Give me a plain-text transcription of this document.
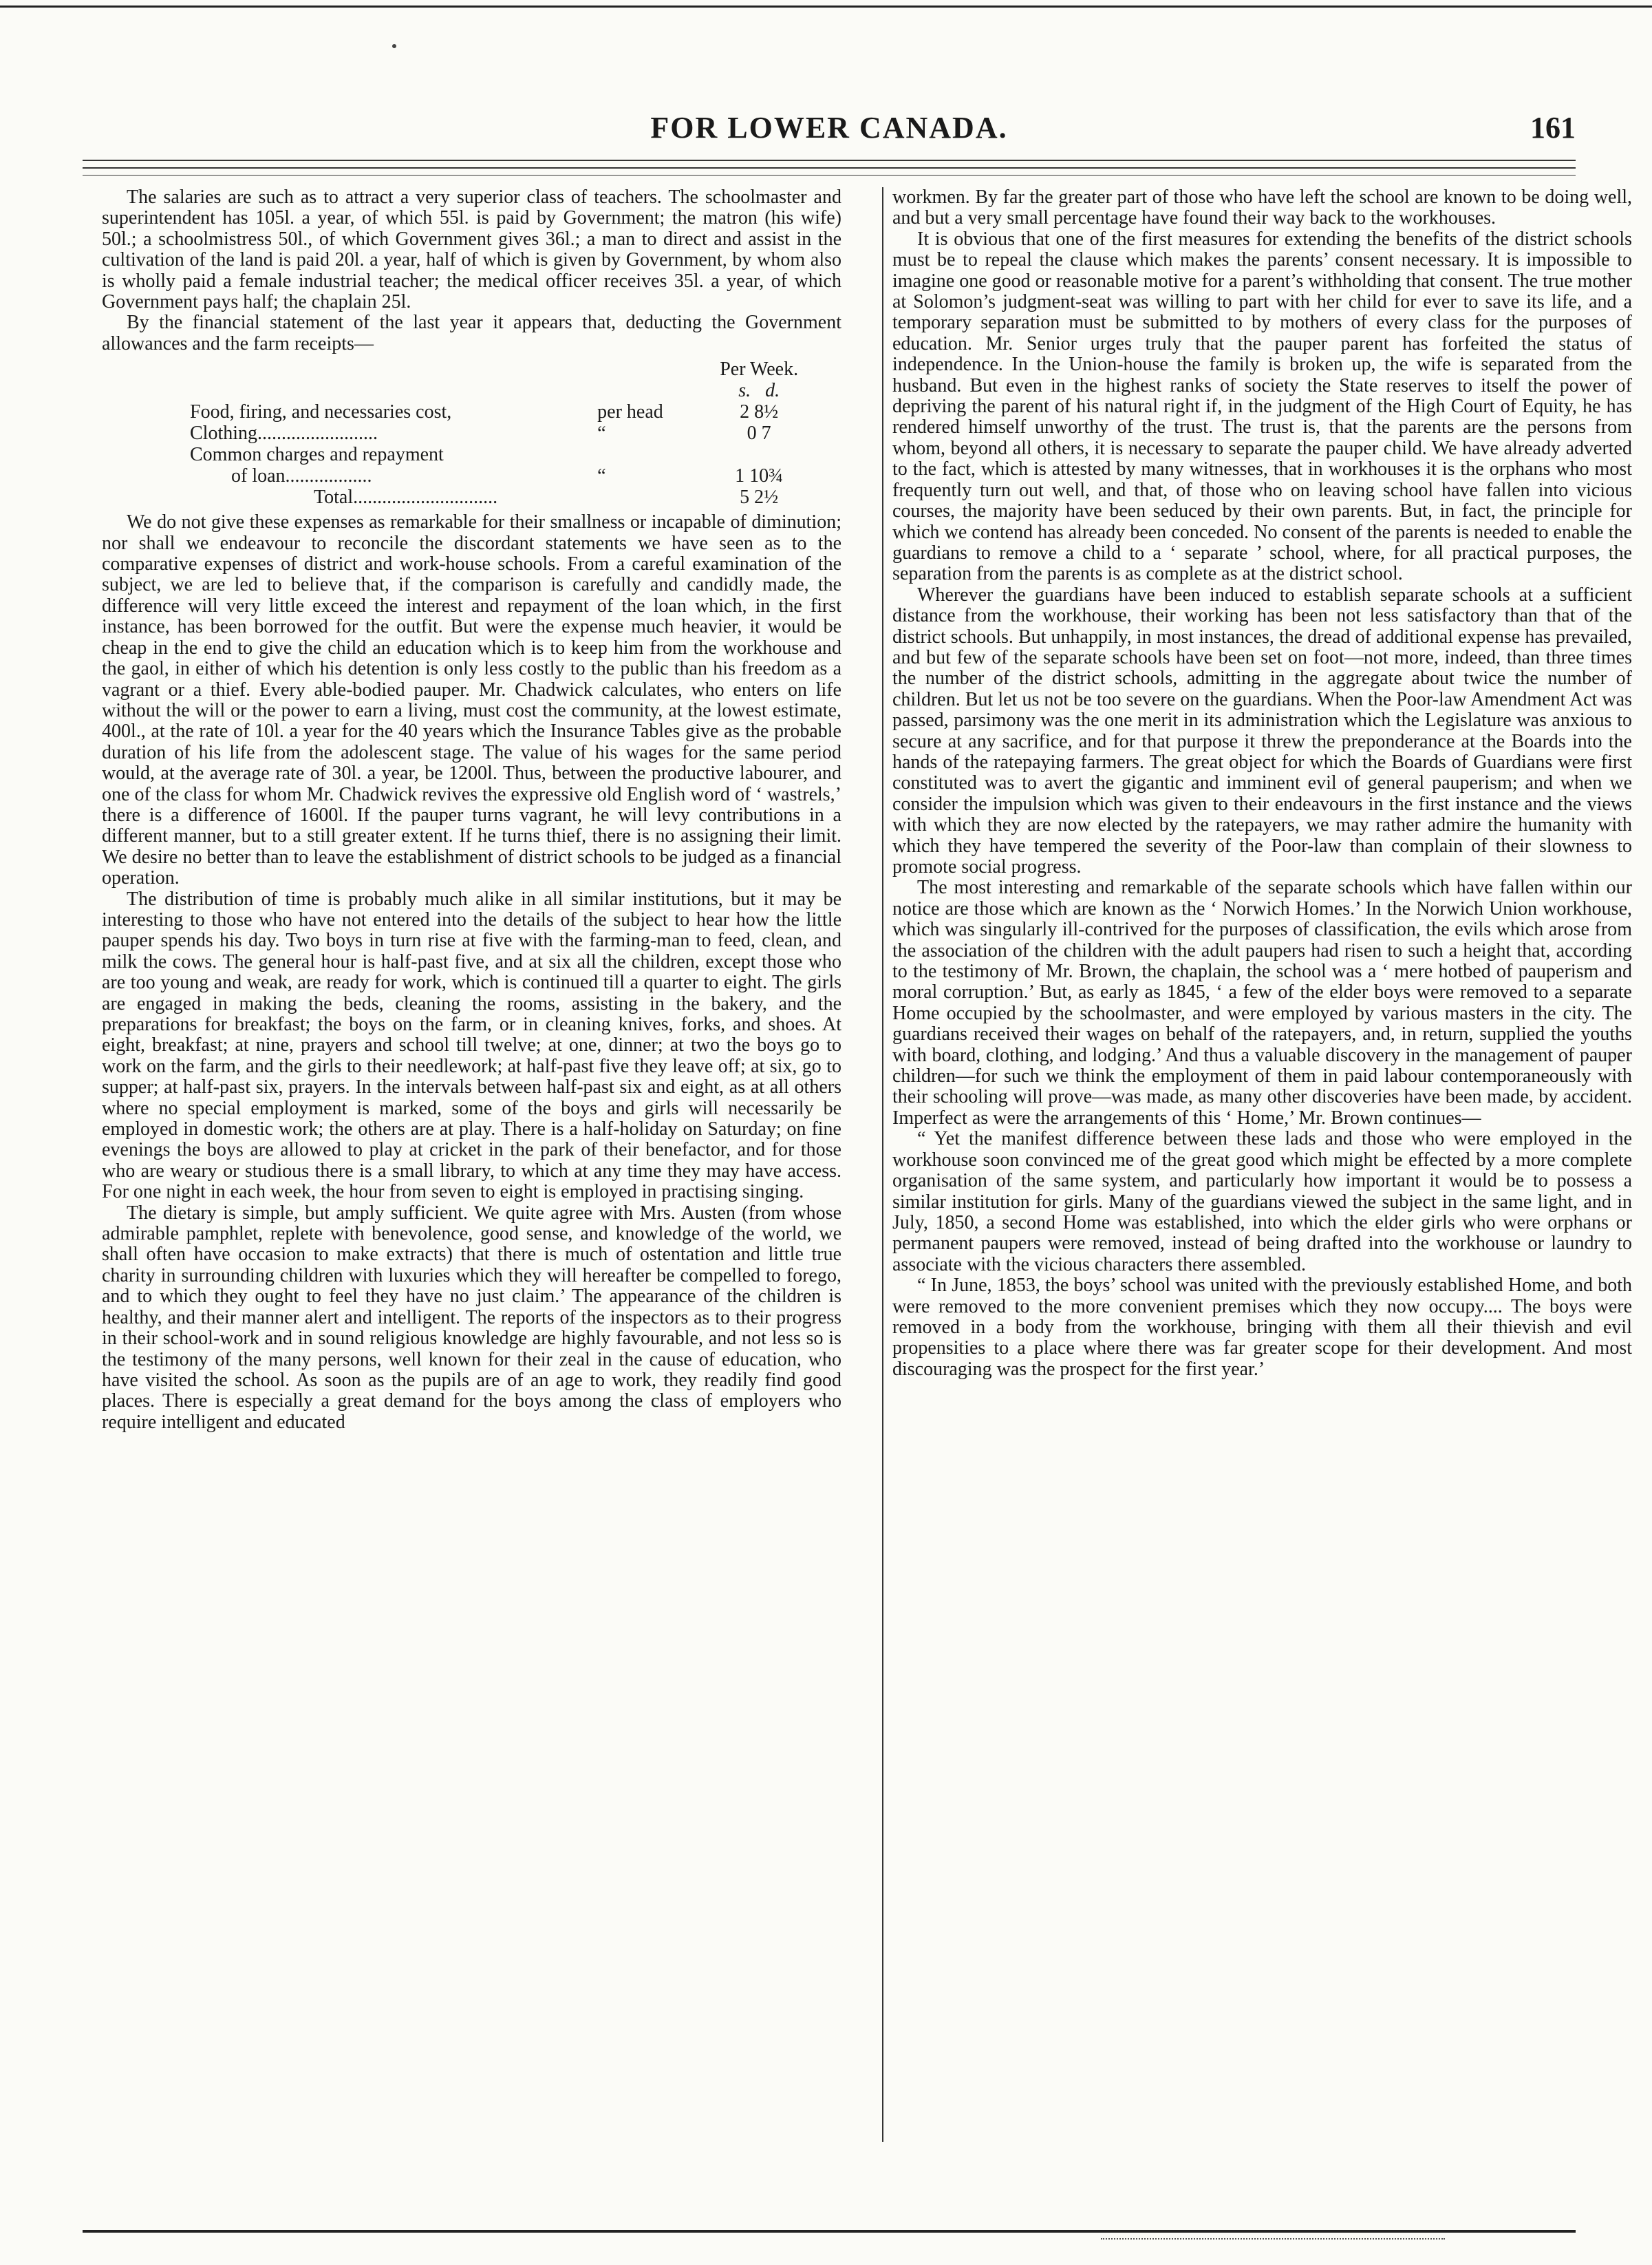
FOR LOWER CANADA.	161

The salaries are such as to attract a very superior class of teachers. The schoolmaster and superintendent has 105l. a year, of which 55l. is paid by Government; the matron (his wife) 50l.; a schoolmistress 50l., of which Government gives 36l.; a man to direct and assist in the cultivation of the land is paid 20l. a year, half of which is given by Government, by whom also is wholly paid a female industrial teacher; the medical officer receives 35l. a year, of which Government pays half; the chaplain 25l.

By the financial statement of the last year it appears that, deducting the Government allowances and the farm receipts—

		Per Week.
		s. d.
Food, firing, and necessaries cost,	per head	2 8½
Clothing.........................	“	0 7
Common charges and repayment		
of loan..................	“	1 10¾
Total..............................		5 2½

We do not give these expenses as remarkable for their smallness or incapable of diminution; nor shall we endeavour to reconcile the discordant statements we have seen as to the comparative expenses of district and work-house schools. From a careful examination of the subject, we are led to believe that, if the comparison is carefully and candidly made, the difference will very little exceed the interest and repayment of the loan which, in the first instance, has been borrowed for the outfit. But were the expense much heavier, it would be cheap in the end to give the child an education which is to keep him from the workhouse and the gaol, in either of which his detention is only less costly to the public than his freedom as a vagrant or a thief. Every able-bodied pauper. Mr. Chadwick calculates, who enters on life without the will or the power to earn a living, must cost the community, at the lowest estimate, 400l., at the rate of 10l. a year for the 40 years which the Insurance Tables give as the probable duration of his life from the adolescent stage. The value of his wages for the same period would, at the average rate of 30l. a year, be 1200l. Thus, between the productive labourer, and one of the class for whom Mr. Chadwick revives the expressive old English word of ‘ wastrels,’ there is a difference of 1600l. If the pauper turns vagrant, he will levy contributions in a different manner, but to a still greater extent. If he turns thief, there is no assigning their limit. We desire no better than to leave the establishment of district schools to be judged as a financial operation.

The distribution of time is probably much alike in all similar institutions, but it may be interesting to those who have not entered into the details of the subject to hear how the little pauper spends his day. Two boys in turn rise at five with the farming-man to feed, clean, and milk the cows. The general hour is half-past five, and at six all the children, except those who are too young and weak, are ready for work, which is continued till a quarter to eight. The girls are engaged in making the beds, cleaning the rooms, assisting in the bakery, and the preparations for breakfast; the boys on the farm, or in cleaning knives, forks, and shoes. At eight, breakfast; at nine, prayers and school till twelve; at one, dinner; at two the boys go to work on the farm, and the girls to their needlework; at half-past five they leave off; at six, go to supper; at half-past six, prayers. In the intervals between half-past six and eight, as at all others where no special employment is marked, some of the boys and girls will necessarily be employed in domestic work; the others are at play. There is a half-holiday on Saturday; on fine evenings the boys are allowed to play at cricket in the park of their benefactor, and for those who are weary or studious there is a small library, to which at any time they may have access. For one night in each week, the hour from seven to eight is employed in practising singing.

The dietary is simple, but amply sufficient. We quite agree with Mrs. Austen (from whose admirable pamphlet, replete with benevolence, good sense, and knowledge of the world, we shall often have occasion to make extracts) that there is much of ostentation and little true charity in surrounding children with luxuries which they will hereafter be compelled to forego, and to which they ought to feel they have no just claim.’ The appearance of the children is healthy, and their manner alert and intelligent. The reports of the inspectors as to their progress in their school-work and in sound religious knowledge are highly favourable, and not less so is the testimony of the many persons, well known for their zeal in the cause of education, who have visited the school. As soon as the pupils are of an age to work, they readily find good places. There is especially a great demand for the boys among the class of employers who require intelligent and educated

workmen. By far the greater part of those who have left the school are known to be doing well, and but a very small percentage have found their way back to the workhouses.

It is obvious that one of the first measures for extending the benefits of the district schools must be to repeal the clause which makes the parents’ consent necessary. It is impossible to imagine one good or reasonable motive for a parent’s withholding that consent. The true mother at Solomon’s judgment-seat was willing to part with her child for ever to save its life, and a temporary separation must be submitted to by mothers of every class for the purposes of education. Mr. Senior urges truly that the pauper parent has forfeited the status of independence. In the Union-house the family is broken up, the wife is separated from the husband. But even in the highest ranks of society the State reserves to itself the power of depriving the parent of his natural right if, in the judgment of the High Court of Equity, he has rendered himself unworthy of the trust. The trust is, that the parents are the persons from whom, beyond all others, it is necessary to separate the pauper child. We have already adverted to the fact, which is attested by many witnesses, that in workhouses it is the orphans who most frequently turn out well, and that, of those who on leaving school have fallen into vicious courses, the majority have been seduced by their own parents. But, in fact, the principle for which we contend has already been conceded. No consent of the parents is needed to enable the guardians to remove a child to a ‘ separate ’ school, where, for all practical purposes, the separation from the parents is as complete as at the district school.

Wherever the guardians have been induced to establish separate schools at a sufficient distance from the workhouse, their working has been not less satisfactory than that of the district schools. But unhappily, in most instances, the dread of additional expense has prevailed, and but few of the separate schools have been set on foot—not more, indeed, than three times the number of the district schools, admitting in the aggregate about twice the number of children. But let us not be too severe on the guardians. When the Poor-law Amendment Act was passed, parsimony was the one merit in its administration which the Legislature was anxious to secure at any sacrifice, and for that purpose it threw the preponderance at the Boards into the hands of the ratepaying farmers. The great object for which the Boards of Guardians were first constituted was to avert the gigantic and imminent evil of general pauperism; and when we consider the impulsion which was given to their endeavours in the first instance and the views with which they are now elected by the ratepayers, we may rather admire the humanity with which they have tempered the severity of the Poor-law than complain of their slowness to promote social progress.

The most interesting and remarkable of the separate schools which have fallen within our notice are those which are known as the ‘ Norwich Homes.’ In the Norwich Union workhouse, which was singularly ill-contrived for the purposes of classification, the evils which arose from the association of the children with the adult paupers had risen to such a height that, according to the testimony of Mr. Brown, the chaplain, the school was a ‘ mere hotbed of pauperism and moral corruption.’ But, as early as 1845, ‘ a few of the elder boys were removed to a separate Home occupied by the schoolmaster, and were employed by various masters in the city. The guardians received their wages on behalf of the ratepayers, and, in return, supplied the youths with board, clothing, and lodging.’ And thus a valuable discovery in the management of pauper children—for such we think the employment of them in paid labour contemporaneously with their schooling will prove—was made, as many other discoveries have been made, by accident. Imperfect as were the arrangements of this ‘ Home,’ Mr. Brown continues—

“ Yet the manifest difference between these lads and those who were employed in the workhouse soon convinced me of the great good which might be effected by a more complete organisation of the same system, and particularly how important it would be to possess a similar institution for girls. Many of the guardians viewed the subject in the same light, and in July, 1850, a second Home was established, into which the elder girls who were orphans or permanent paupers were removed, instead of being drafted into the workhouse or laundry to associate with the vicious characters there assembled.

“ In June, 1853, the boys’ school was united with the previously established Home, and both were removed to the more convenient premises which they now occupy.... The boys were removed in a body from the workhouse, bringing with them all their thievish and evil propensities to a place where there was far greater scope for their development. And most discouraging was the prospect for the first year.’
